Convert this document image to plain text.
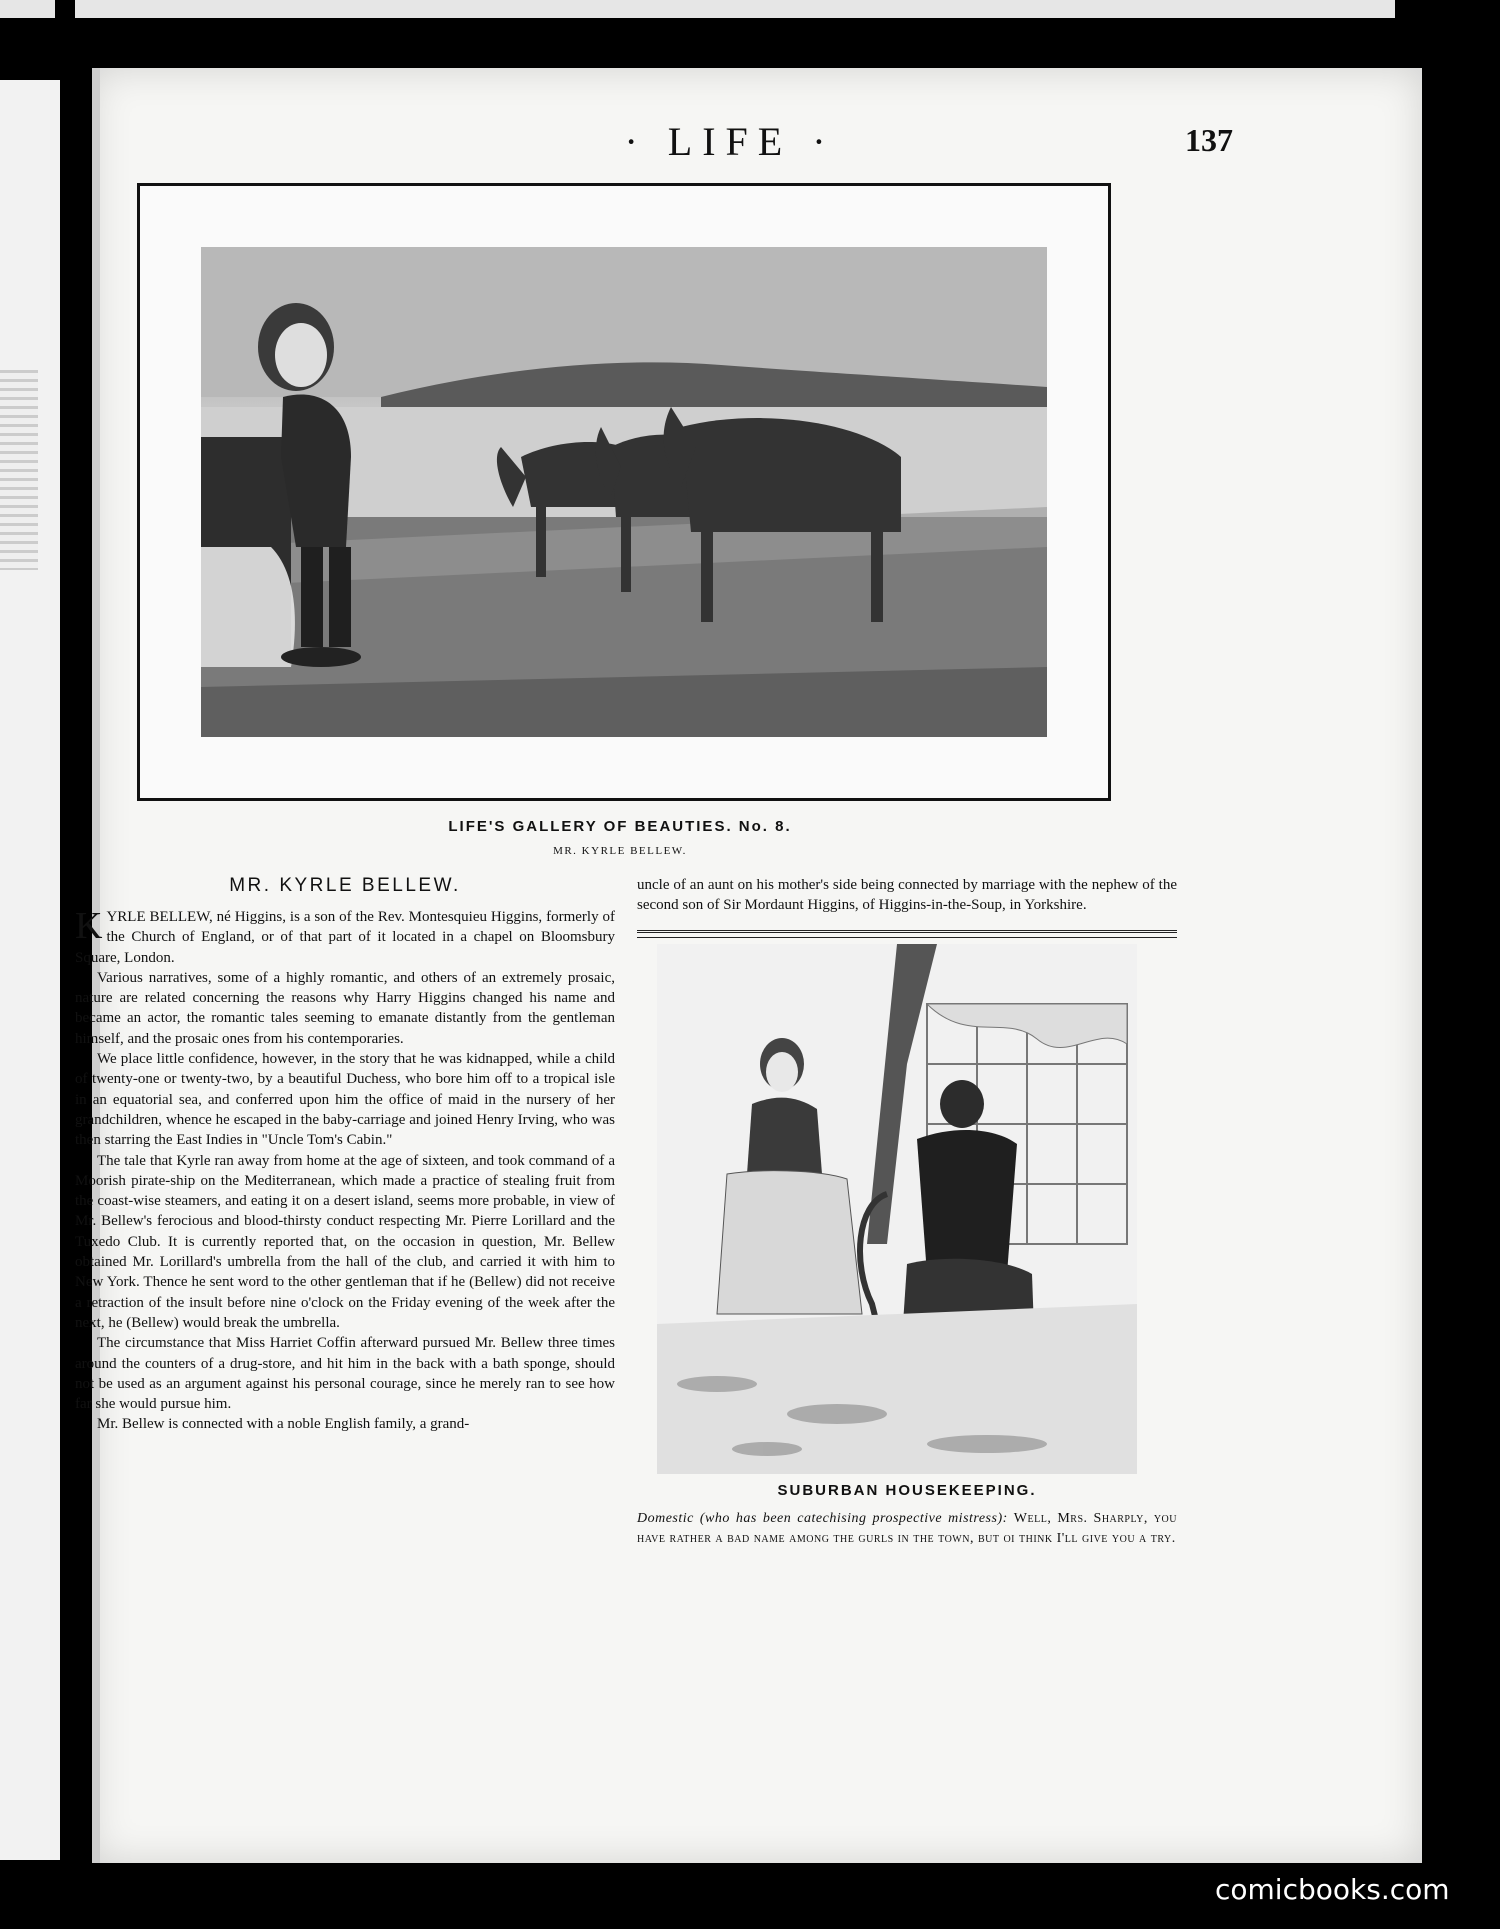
· LIFE ·	137
LIFE'S GALLERY OF BEAUTIES. No. 8.
MR. KYRLE BELLEW.
MR. KYRLE BELLEW.

KYRLE BELLEW, né Higgins, is a son of the Rev. Montesquieu Higgins, formerly of the Church of England, or of that part of it located in a chapel on Bloomsbury Square, London.

Various narratives, some of a highly romantic, and others of an extremely prosaic, nature are related concerning the reasons why Harry Higgins changed his name and became an actor, the romantic tales seeming to emanate distantly from the gentleman himself, and the prosaic ones from his contemporaries.

We place little confidence, however, in the story that he was kidnapped, while a child of twenty-one or twenty-two, by a beautiful Duchess, who bore him off to a tropical isle in an equatorial sea, and conferred upon him the office of maid in the nursery of her grandchildren, whence he escaped in the baby-carriage and joined Henry Irving, who was then starring the East Indies in "Uncle Tom's Cabin."

The tale that Kyrle ran away from home at the age of sixteen, and took command of a Moorish pirate-ship on the Mediterranean, which made a practice of stealing fruit from the coast-wise steamers, and eating it on a desert island, seems more probable, in view of Mr. Bellew's ferocious and blood-thirsty conduct respecting Mr. Pierre Lorillard and the Tuxedo Club. It is currently reported that, on the occasion in question, Mr. Bellew obtained Mr. Lorillard's umbrella from the hall of the club, and carried it with him to New York. Thence he sent word to the other gentleman that if he (Bellew) did not receive a retraction of the insult before nine o'clock on the Friday evening of the week after the next, he (Bellew) would break the umbrella.

The circumstance that Miss Harriet Coffin afterward pursued Mr. Bellew three times around the counters of a drug-store, and hit him in the back with a bath sponge, should not be used as an argument against his personal courage, since he merely ran to see how far she would pursue him.

Mr. Bellew is connected with a noble English family, a grand-

uncle of an aunt on his mother's side being connected by marriage with the nephew of the second son of Sir Mordaunt Higgins, of Higgins-in-the-Soup, in Yorkshire.

SUBURBAN HOUSEKEEPING.
Domestic (who has been catechising prospective mistress): Well, Mrs. Sharply, you have rather a bad name among the gurls in the town, but oi think I'll give you a try.
comicbooks.com
